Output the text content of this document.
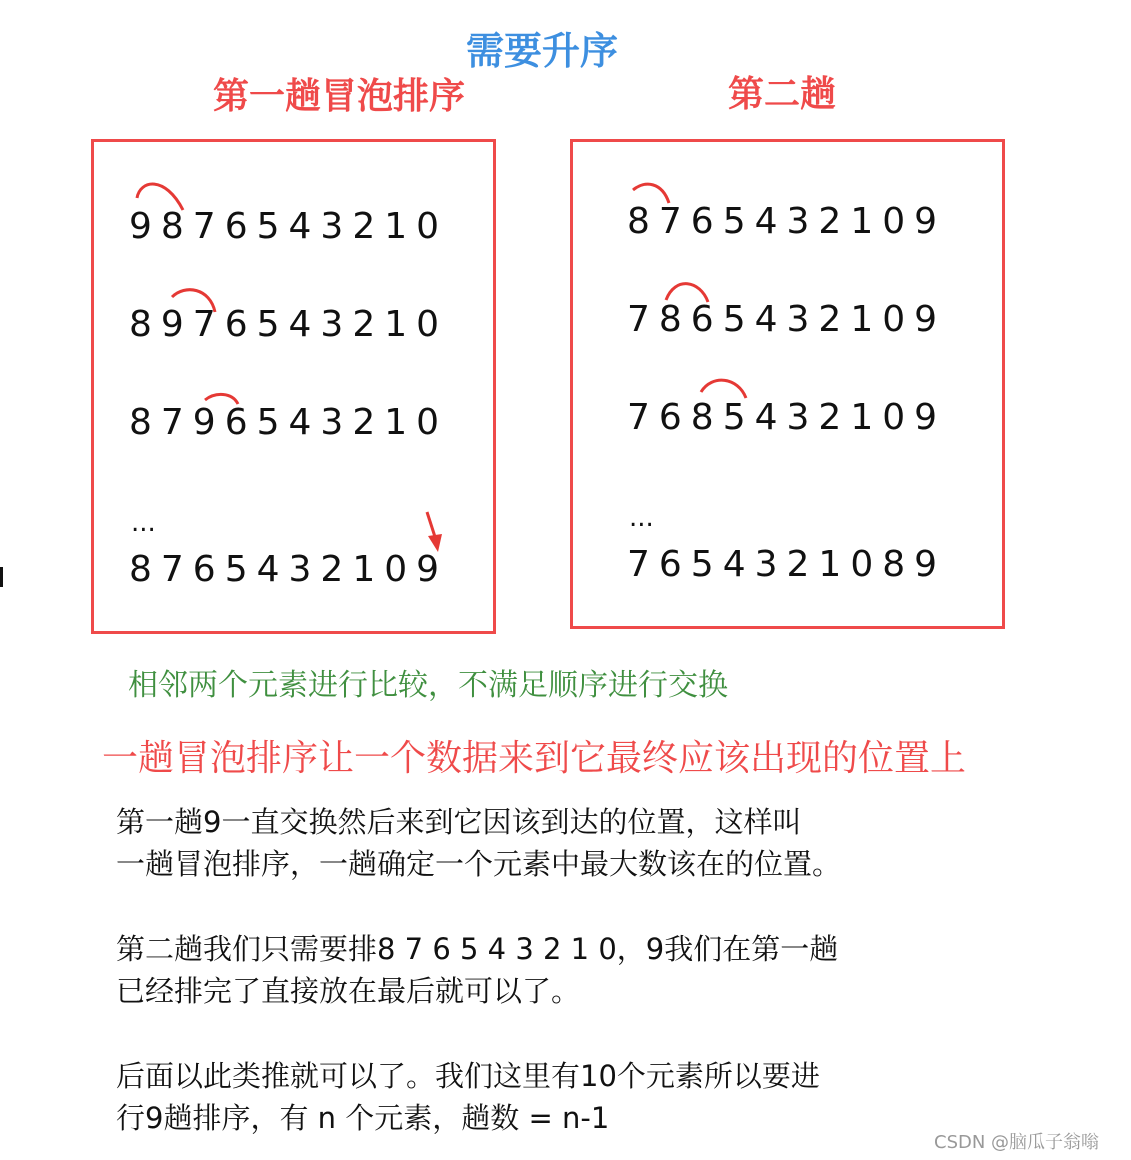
需要升序
第一趟冒泡排序	第二趟
9876543210
8976543210
8796543210
...
8765432109
8765432109
7865432109
7685432109
...
7654321089
相邻两个元素进行比较，不满足顺序进行交换
一趟冒泡排序让一个数据来到它最终应该出现的位置上
第一趟9一直交换然后来到它因该到达的位置，这样叫
一趟冒泡排序，一趟确定一个元素中最大数该在的位置。
第二趟我们只需要排8 7 6 5 4 3 2 1 0，9我们在第一趟
已经排完了直接放在最后就可以了。
后面以此类推就可以了。我们这里有10个元素所以要进
行9趟排序，有 n 个元素，趟数 = n-1
CSDN @脑瓜子翁嗡
